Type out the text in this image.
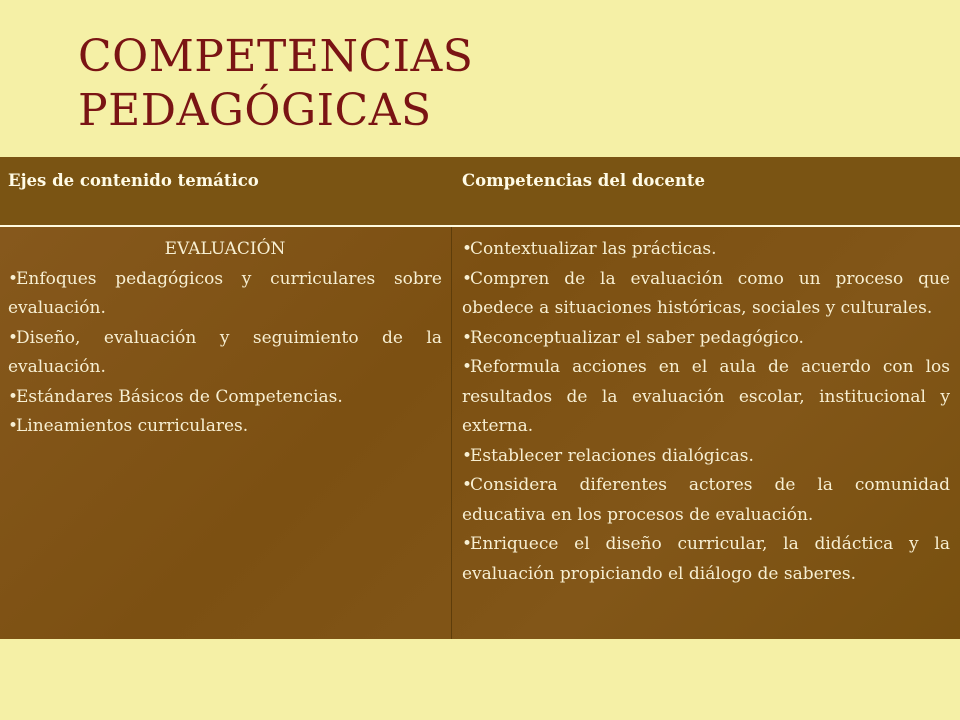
COMPETENCIAS
PEDAGÓGICAS
Ejes de contenido temático	Competencias del docente

EVALUACIÓN

•Enfoques pedagógicos y curriculares sobre evaluación.
•Diseño, evaluación y seguimiento de la evaluación.
•Estándares Básicos de Competencias.
•Lineamientos curriculares.
•Contextualizar las prácticas.
•Compren de la evaluación como un proceso que obedece a situaciones históricas, sociales y culturales.
•Reconceptualizar el saber pedagógico.
•Reformula acciones en el aula de acuerdo con los resultados de la evaluación escolar, institucional y externa.
•Establecer relaciones dialógicas.
•Considera diferentes actores de la comunidad educativa en los procesos de evaluación.
•Enriquece el diseño curricular, la didáctica y la evaluación propiciando el diálogo de saberes.
